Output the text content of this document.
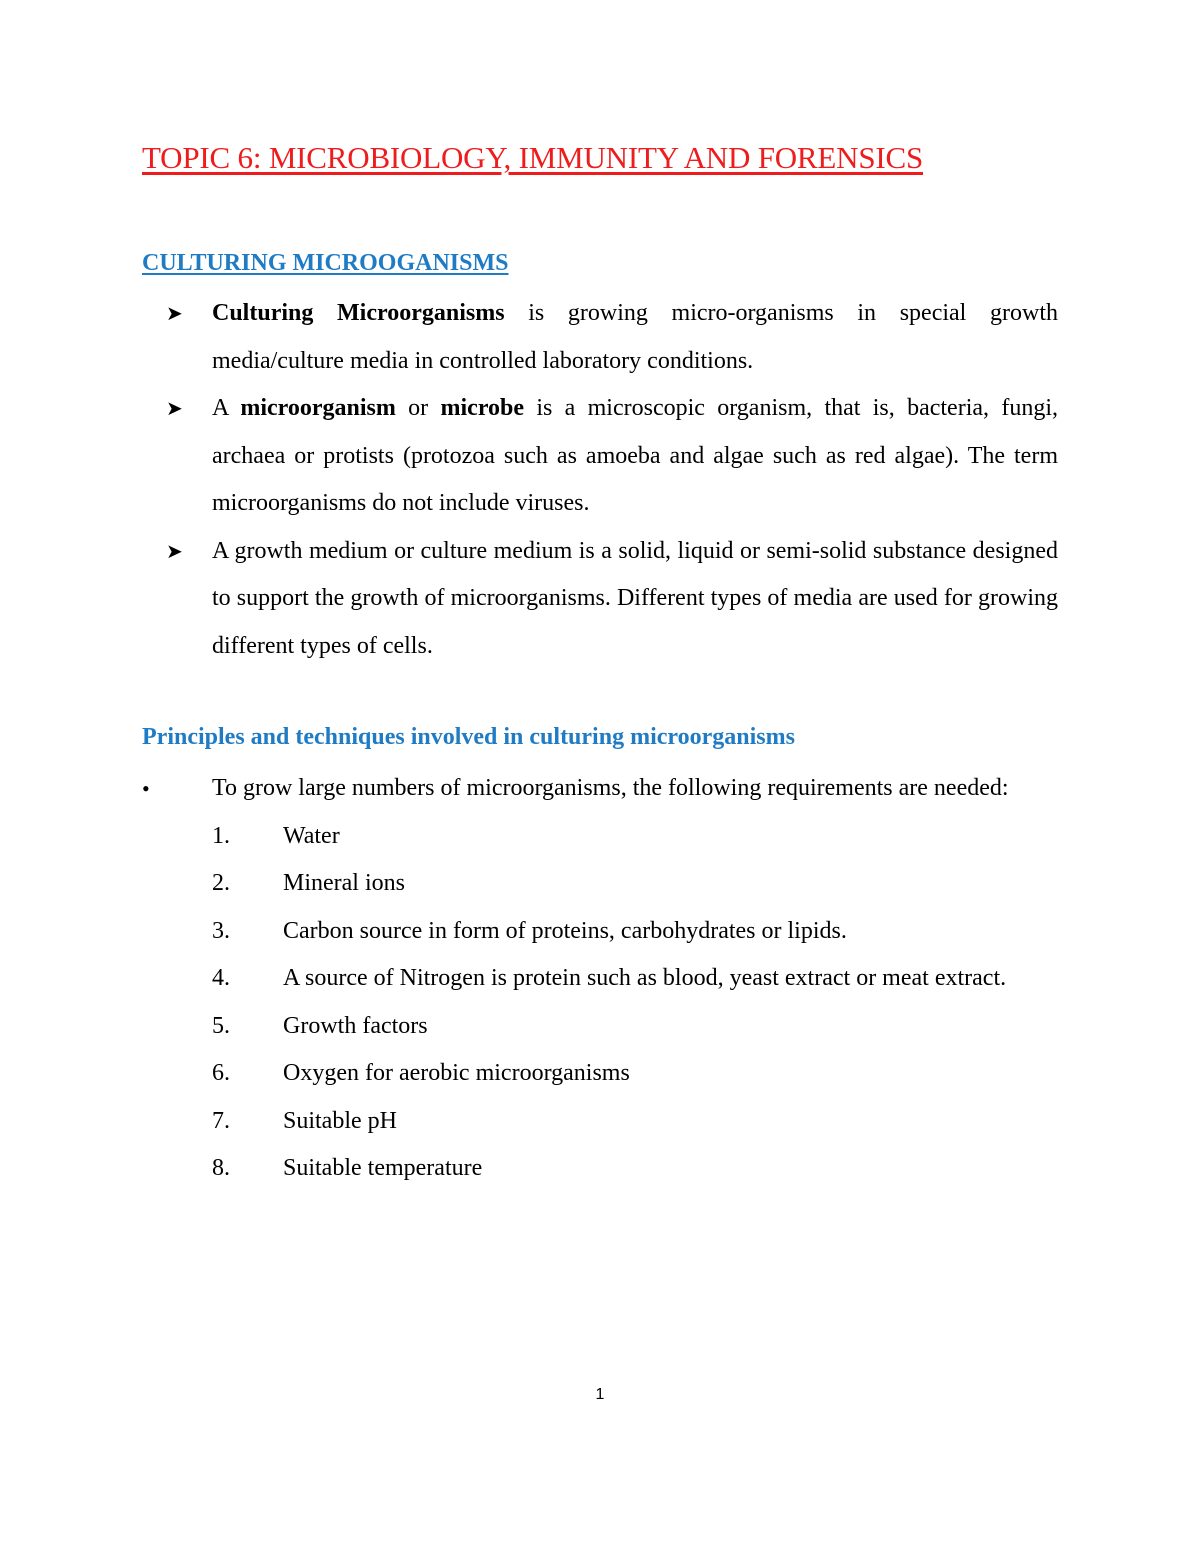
TOPIC 6: MICROBIOLOGY, IMMUNITY AND FORENSICS
CULTURING MICROOGANISMS
➤ Culturing Microorganisms is growing micro-organisms in special growth media/culture media in controlled laboratory conditions.
➤ A microorganism or microbe is a microscopic organism, that is, bacteria, fungi, archaea or protists (protozoa such as amoeba and algae such as red algae). The term microorganisms do not include viruses.
➤ A growth medium or culture medium is a solid, liquid or semi-solid substance designed to support the growth of microorganisms. Different types of media are used for growing different types of cells.
Principles and techniques involved in culturing microorganisms
•	To grow large numbers of microorganisms, the following requirements are needed:
1. Water
2. Mineral ions
3. Carbon source in form of proteins, carbohydrates or lipids.
4. A source of Nitrogen is protein such as blood, yeast extract or meat extract.
5. Growth factors
6. Oxygen for aerobic microorganisms
7. Suitable pH
8. Suitable temperature
1
